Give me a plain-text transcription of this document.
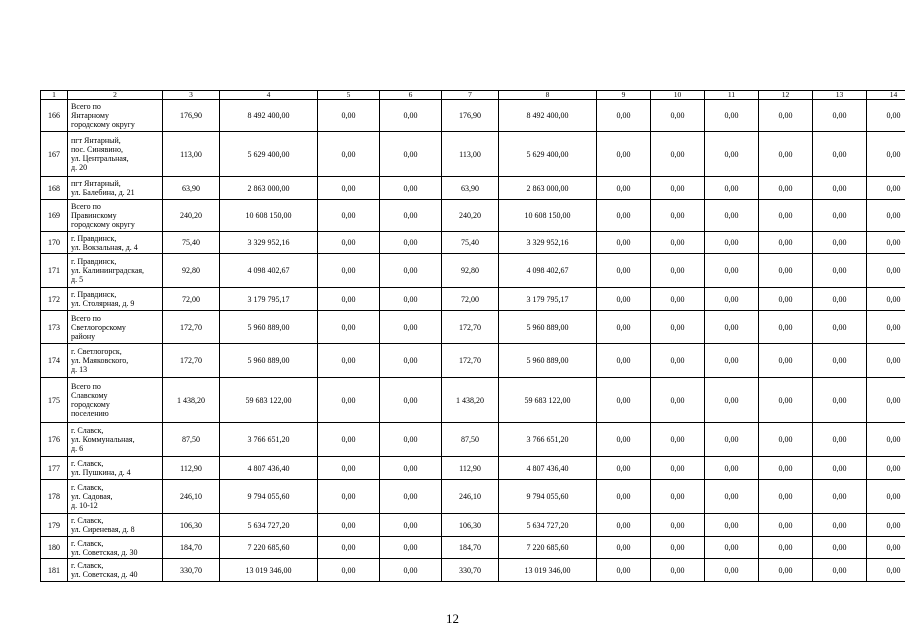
1	2	3	4	5	6	7	8	9	10	11	12	13	14
166	Всего по
Янтарному
городскому округу	176,90	8 492 400,00	0,00	0,00	176,90	8 492 400,00	0,00	0,00	0,00	0,00	0,00	0,00
167	пгт Янтарный,
пос. Синявино,
ул. Центральная,
д. 20	113,00	5 629 400,00	0,00	0,00	113,00	5 629 400,00	0,00	0,00	0,00	0,00	0,00	0,00
168	пгт Янтарный,
ул. Балебина, д. 21	63,90	2 863 000,00	0,00	0,00	63,90	2 863 000,00	0,00	0,00	0,00	0,00	0,00	0,00
169	Всего по
Правинскому
городскому округу	240,20	10 608 150,00	0,00	0,00	240,20	10 608 150,00	0,00	0,00	0,00	0,00	0,00	0,00
170	г. Правдинск,
ул. Вокзальная, д. 4	75,40	3 329 952,16	0,00	0,00	75,40	3 329 952,16	0,00	0,00	0,00	0,00	0,00	0,00
171	г. Правдинск,
ул. Калининградская,
д. 5	92,80	4 098 402,67	0,00	0,00	92,80	4 098 402,67	0,00	0,00	0,00	0,00	0,00	0,00
172	г. Правдинск,
ул. Столярная, д. 9	72,00	3 179 795,17	0,00	0,00	72,00	3 179 795,17	0,00	0,00	0,00	0,00	0,00	0,00
173	Всего по
Светлогорскому
району	172,70	5 960 889,00	0,00	0,00	172,70	5 960 889,00	0,00	0,00	0,00	0,00	0,00	0,00
174	г. Светлогорск,
ул. Маяковского,
д. 13	172,70	5 960 889,00	0,00	0,00	172,70	5 960 889,00	0,00	0,00	0,00	0,00	0,00	0,00
175	Всего по
Славскому
городскому
поселению	1 438,20	59 683 122,00	0,00	0,00	1 438,20	59 683 122,00	0,00	0,00	0,00	0,00	0,00	0,00
176	г. Славск,
ул. Коммунальная,
д. 6	87,50	3 766 651,20	0,00	0,00	87,50	3 766 651,20	0,00	0,00	0,00	0,00	0,00	0,00
177	г. Славск,
ул. Пушкина, д. 4	112,90	4 807 436,40	0,00	0,00	112,90	4 807 436,40	0,00	0,00	0,00	0,00	0,00	0,00
178	г. Славск,
ул. Садовая,
д. 10-12	246,10	9 794 055,60	0,00	0,00	246,10	9 794 055,60	0,00	0,00	0,00	0,00	0,00	0,00
179	г. Славск,
ул. Сиреневая, д. 8	106,30	5 634 727,20	0,00	0,00	106,30	5 634 727,20	0,00	0,00	0,00	0,00	0,00	0,00
180	г. Славск,
ул. Советская, д. 30	184,70	7 220 685,60	0,00	0,00	184,70	7 220 685,60	0,00	0,00	0,00	0,00	0,00	0,00
181	г. Славск,
ул. Советская, д. 40	330,70	13 019 346,00	0,00	0,00	330,70	13 019 346,00	0,00	0,00	0,00	0,00	0,00	0,00
12
